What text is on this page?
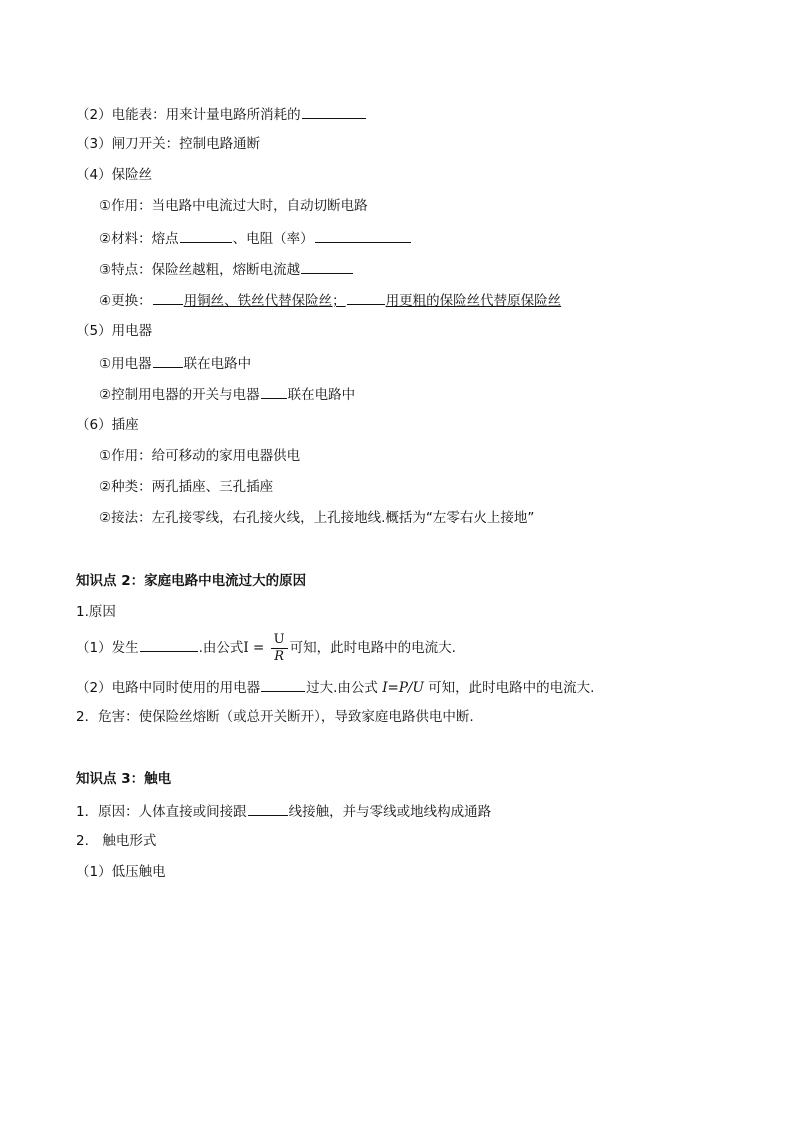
（2）电能表：用来计量电路所消耗的
（3）闸刀开关：控制电路通断
（4）保险丝
①作用：当电路中电流过大时，自动切断电路
②材料：熔点	、电阻（率）
③特点：保险丝越粗，熔断电流越
④更换： 用铜丝、铁丝代替保险丝；	用更粗的保险丝代替原保险丝
（5）用电器
①用电器 联在电路中
②控制用电器的开关与电器 联在电路中
（6）插座
①作用：给可移动的家用电器供电
②种类：两孔插座、三孔插座
②接法：左孔接零线，右孔接火线，上孔接地线.概括为“左零右火上接地”
知识点 2：家庭电路中电流过大的原因
1.原因
（1）发生	.由公式$I = \frac{U}{R}$ 可知，此时电路中的电流大.
（2）电路中同时使用的用电器	过大.由公式 I=P/U 可知，此时电路中的电流大.
2．危害：使保险丝熔断（或总开关断开），导致家庭电路供电中断.
知识点 3：触电
1．原因：人体直接或间接跟	线接触，并与零线或地线构成通路
2.　触电形式
（1）低压触电
